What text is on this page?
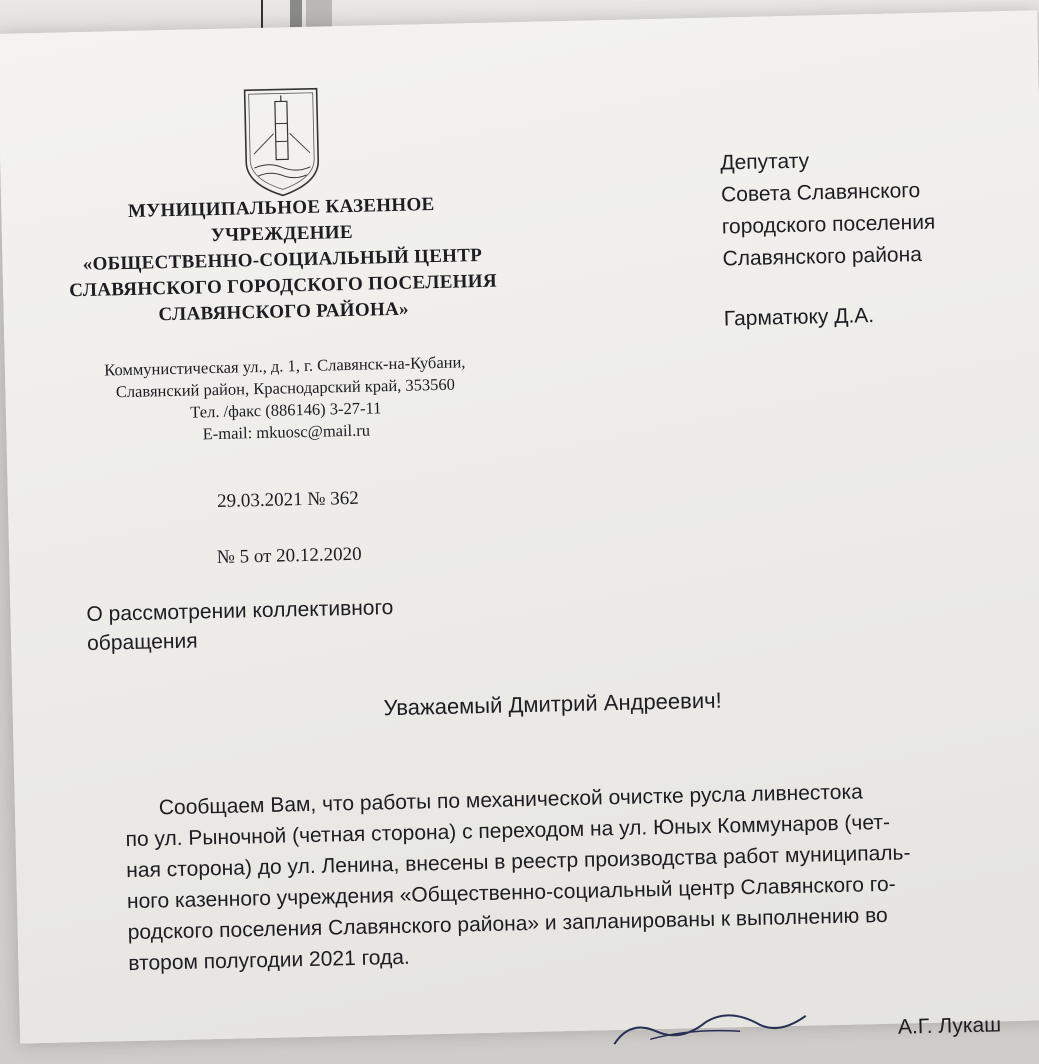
МУНИЦИПАЛЬНОЕ КАЗЕННОЕ
УЧРЕЖДЕНИЕ
«ОБЩЕСТВЕННО-СОЦИАЛЬНЫЙ ЦЕНТР
СЛАВЯНСКОГО ГОРОДСКОГО ПОСЕЛЕНИЯ
СЛАВЯНСКОГО РАЙОНА»
Коммунистическая ул., д. 1, г. Славянск-на-Кубани,
Славянский район, Краснодарский край, 353560
Тел. /факс (886146) 3-27-11
E-mail: mkuosc@mail.ru
29.03.2021 № 362
№ 5 от 20.12.2020
Депутату
Совета Славянского
городского поселения
Славянского района
Гарматюку Д.А.
О рассмотрении коллективного
обращения
Уважаемый Дмитрий Андреевич!
Сообщаем Вам, что работы по механической очистке русла ливнестока
по ул. Рыночной (четная сторона) с переходом на ул. Юных Коммунаров (чет-
ная сторона) до ул. Ленина, внесены в реестр производства работ муниципаль-
ного казенного учреждения «Общественно-социальный центр Славянского го-
родского поселения Славянского района» и запланированы к выполнению во
втором полугодии 2021 года.
А.Г. Лукаш
